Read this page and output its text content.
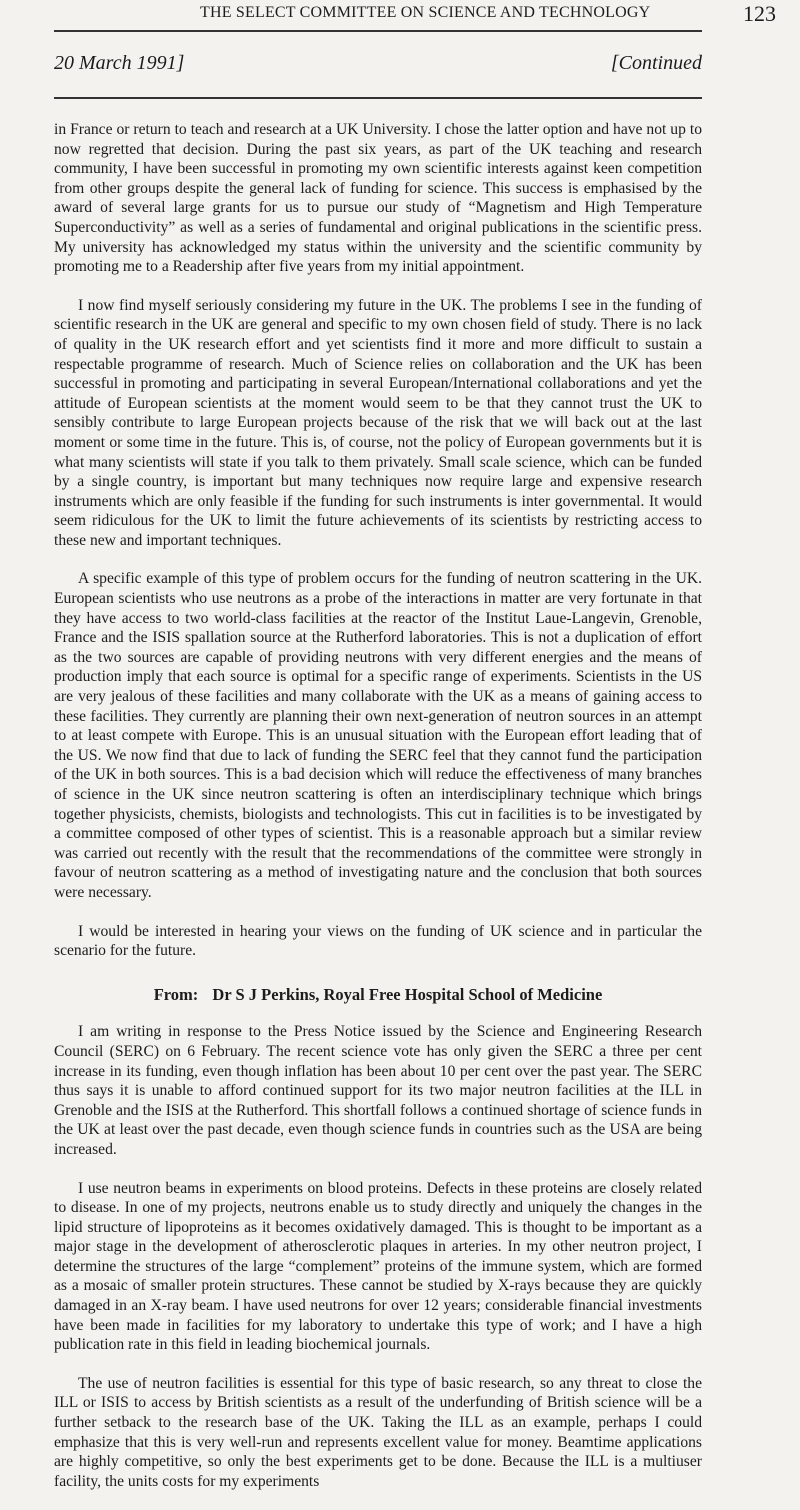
THE SELECT COMMITTEE ON SCIENCE AND TECHNOLOGY	123
20 March 1991]	[Continued

in France or return to teach and research at a UK University. I chose the latter option and have not up to now regretted that decision. During the past six years, as part of the UK teaching and research community, I have been successful in promoting my own scientific interests against keen competition from other groups despite the general lack of funding for science. This success is emphasised by the award of several large grants for us to pursue our study of “Magnetism and High Temperature Superconductivity” as well as a series of fundamental and original publications in the scientific press. My university has acknowledged my status within the university and the scientific community by promoting me to a Readership after five years from my initial appointment.

I now find myself seriously considering my future in the UK. The problems I see in the funding of scientific research in the UK are general and specific to my own chosen field of study. There is no lack of quality in the UK research effort and yet scientists find it more and more difficult to sustain a respectable programme of research. Much of Science relies on collaboration and the UK has been successful in promoting and participating in several European/International collaborations and yet the attitude of European scientists at the moment would seem to be that they cannot trust the UK to sensibly contribute to large European projects because of the risk that we will back out at the last moment or some time in the future. This is, of course, not the policy of European governments but it is what many scientists will state if you talk to them privately. Small scale science, which can be funded by a single country, is important but many techniques now require large and expensive research instruments which are only feasible if the funding for such instruments is inter governmental. It would seem ridiculous for the UK to limit the future achievements of its scientists by restricting access to these new and important techniques.

A specific example of this type of problem occurs for the funding of neutron scattering in the UK. European scientists who use neutrons as a probe of the interactions in matter are very fortunate in that they have access to two world-class facilities at the reactor of the Institut Laue-Langevin, Grenoble, France and the ISIS spallation source at the Rutherford laboratories. This is not a duplication of effort as the two sources are capable of providing neutrons with very different energies and the means of production imply that each source is optimal for a specific range of experiments. Scientists in the US are very jealous of these facilities and many collaborate with the UK as a means of gaining access to these facilities. They currently are planning their own next-generation of neutron sources in an attempt to at least compete with Europe. This is an unusual situation with the European effort leading that of the US. We now find that due to lack of funding the SERC feel that they cannot fund the participation of the UK in both sources. This is a bad decision which will reduce the effectiveness of many branches of science in the UK since neutron scattering is often an interdisciplinary technique which brings together physicists, chemists, biologists and technologists. This cut in facilities is to be investigated by a committee composed of other types of scientist. This is a reasonable approach but a similar review was carried out recently with the result that the recommendations of the committee were strongly in favour of neutron scattering as a method of investigating nature and the conclusion that both sources were necessary.

I would be interested in hearing your views on the funding of UK science and in particular the scenario for the future.

From: Dr S J Perkins, Royal Free Hospital School of Medicine

I am writing in response to the Press Notice issued by the Science and Engineering Research Council (SERC) on 6 February. The recent science vote has only given the SERC a three per cent increase in its funding, even though inflation has been about 10 per cent over the past year. The SERC thus says it is unable to afford continued support for its two major neutron facilities at the ILL in Grenoble and the ISIS at the Rutherford. This shortfall follows a continued shortage of science funds in the UK at least over the past decade, even though science funds in countries such as the USA are being increased.

I use neutron beams in experiments on blood proteins. Defects in these proteins are closely related to disease. In one of my projects, neutrons enable us to study directly and uniquely the changes in the lipid structure of lipoproteins as it becomes oxidatively damaged. This is thought to be important as a major stage in the development of atherosclerotic plaques in arteries. In my other neutron project, I determine the structures of the large “complement” proteins of the immune system, which are formed as a mosaic of smaller protein structures. These cannot be studied by X-rays because they are quickly damaged in an X-ray beam. I have used neutrons for over 12 years; considerable financial investments have been made in facilities for my laboratory to undertake this type of work; and I have a high publication rate in this field in leading biochemical journals.

The use of neutron facilities is essential for this type of basic research, so any threat to close the ILL or ISIS to access by British scientists as a result of the underfunding of British science will be a further setback to the research base of the UK. Taking the ILL as an example, perhaps I could emphasize that this is very well-run and represents excellent value for money. Beamtime applications are highly competitive, so only the best experiments get to be done. Because the ILL is a multiuser facility, the units costs for my experiments
